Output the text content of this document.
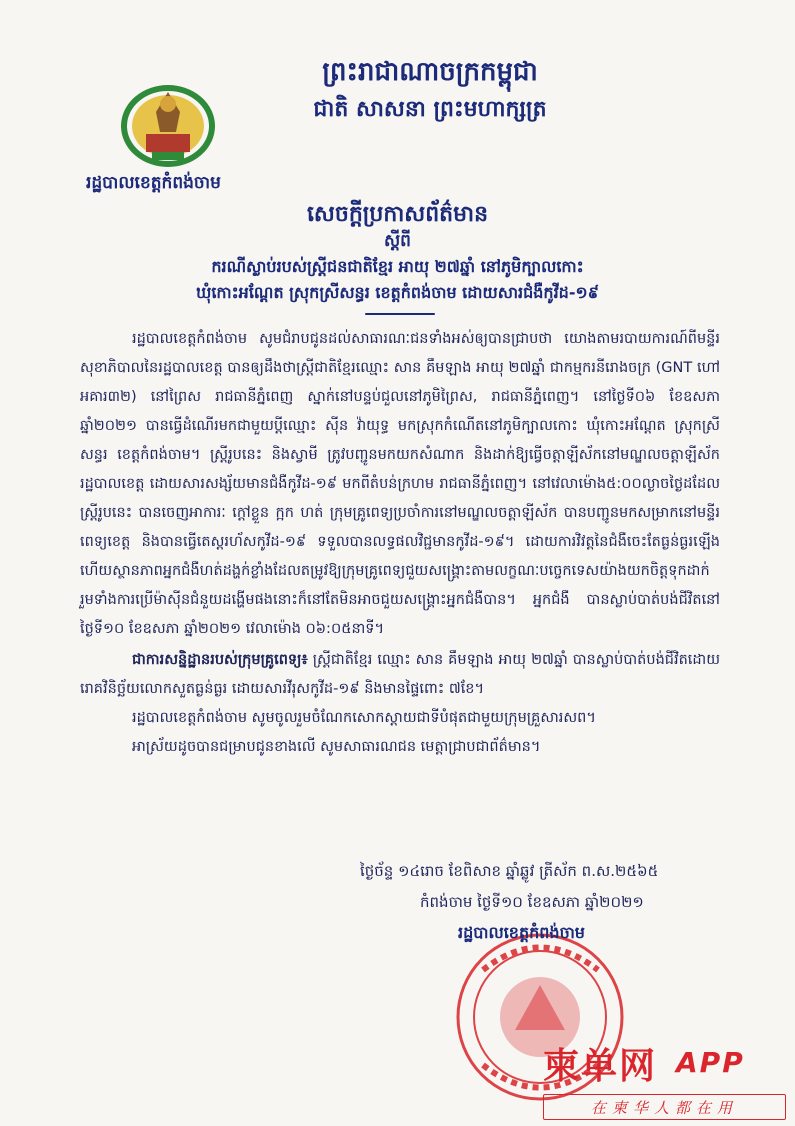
ព្រះរាជាណាចក្រកម្ពុជា
ជាតិ សាសនា ព្រះមហាក្សត្រ
រដ្ឋបាលខេត្តកំពង់ចាម
សេចក្តីប្រកាសព័ត៌មាន
ស្តីពី
ករណីស្លាប់របស់ស្ត្រីជនជាតិខ្មែរ អាយុ ២៧ឆ្នាំ នៅភូមិក្បាលកោះ
ឃុំកោះអណ្តែត ស្រុកស្រីសន្ធរ ខេត្តកំពង់ចាម ដោយសារជំងឺកូវីដ-១៩

រដ្ឋបាលខេត្តកំពង់ចាម សូមជំរាបជូនដល់សាធារណៈជនទាំងអស់ឲ្យបានជ្រាបថា យោងតាមរបាយការណ៍ពីមន្ទីរសុខាភិបាលនៃរដ្ឋបាលខេត្ត បានឲ្យដឹងថាស្ត្រីជាតិខ្មែរឈ្មោះ សាន គឹមឡាង អាយុ ២៧ឆ្នាំ ជាកម្មករនីរោងចក្រ (GNT ហៅអគារ៣២) នៅព្រៃស រាជធានីភ្នំពេញ ស្នាក់នៅបន្ទប់ជួលនៅភូមិព្រៃស, រាជធានីភ្នំពេញ។ នៅថ្ងៃទី០៦ ខែឧសភា ឆ្នាំ២០២១ បានធ្វើដំណើរមកជាមួយប្តីឈ្មោះ ស៊ីន វ៉ាយុទ្ធ មកស្រុកកំណើតនៅភូមិក្បាលកោះ ឃុំកោះអណ្តែត ស្រុកស្រីសន្ធរ ខេត្តកំពង់ចាម។ ស្ត្រីរូបនេះ និងស្វាមី ត្រូវបញ្ជូនមកយកសំណាក និងដាក់ឱ្យធ្វើចត្តាឡីស័កនៅមណ្ឌលចត្តាឡីស័ករដ្ឋបាលខេត្ត ដោយសារសង្ស័យមានជំងឺកូវីដ-១៩ មកពីតំបន់ក្រហម រាជធានីភ្នំពេញ។ នៅវេលាម៉ោង៥:០០ល្ងាចថ្ងៃដដែល ស្ត្រីរូបនេះ បានចេញអាការៈ ក្តៅខ្លួន ក្អក ហត់ ក្រុមគ្រូពេទ្យប្រចាំការនៅមណ្ឌលចត្តាឡីស័ក បានបញ្ជូនមកសម្រាកនៅមន្ទីរពេទ្យខេត្ត និងបានធ្វើតេស្តរហ័សកូវីដ-១៩ ទទួលបានលទ្ធផលវិជ្ជមានកូវីដ-១៩។ ដោយការវិវត្តនៃជំងឺចេះតែធ្ងន់ធ្ងរឡើង ហើយស្ថានភាពអ្នកជំងឺហត់ដង្ហក់ខ្លាំងដែលតម្រូវឱ្យក្រុមគ្រូពេទ្យជួយសង្គ្រោះតាមលក្ខណៈបច្ចេកទេសយ៉ាងយកចិត្តទុកដាក់ រួមទាំងការប្រើម៉ាស៊ីនជំនួយដង្ហើមផងនោះក៏នៅតែមិនអាចជួយសង្គ្រោះអ្នកជំងឺបាន។ អ្នកជំងឺ បានស្លាប់បាត់បង់ជីវិតនៅថ្ងៃទី១០ ខែឧសភា ឆ្នាំ២០២១ វេលាម៉ោង ០៦:០៥នាទី។

ជាការសន្និដ្ឋានរបស់ក្រុមគ្រូពេទ្យ៖ ស្ត្រីជាតិខ្មែរ ឈ្មោះ សាន គឹមឡាង អាយុ ២៧ឆ្នាំ បានស្លាប់បាត់បង់ជីវិតដោយរោគវិនិច្ឆ័យលោកសួតធ្ងន់ធ្ងរ ដោយសារវីរុសកូវីដ-១៩ និងមានផ្ទៃពោះ ៧ខែ។

រដ្ឋបាលខេត្តកំពង់ចាម សូមចូលរួមចំណែកសោកស្តាយជាទីបំផុតជាមួយក្រុមគ្រួសារសព។

អាស្រ័យដូចបានជម្រាបជូនខាងលើ សូមសាធារណជន មេត្តាជ្រាបជាព័ត៌មាន។

ថ្ងៃច័ន្ទ ១៤រោច ខែពិសាខ ឆ្នាំឆ្លូវ ត្រីស័ក ព.ស.២៥៦៥
កំពង់ចាម ថ្ងៃទី១០ ខែឧសភា ឆ្នាំ២០២១
រដ្ឋបាលខេត្តកំពង់ចាម
柬单网 APP
在柬华人都在用
